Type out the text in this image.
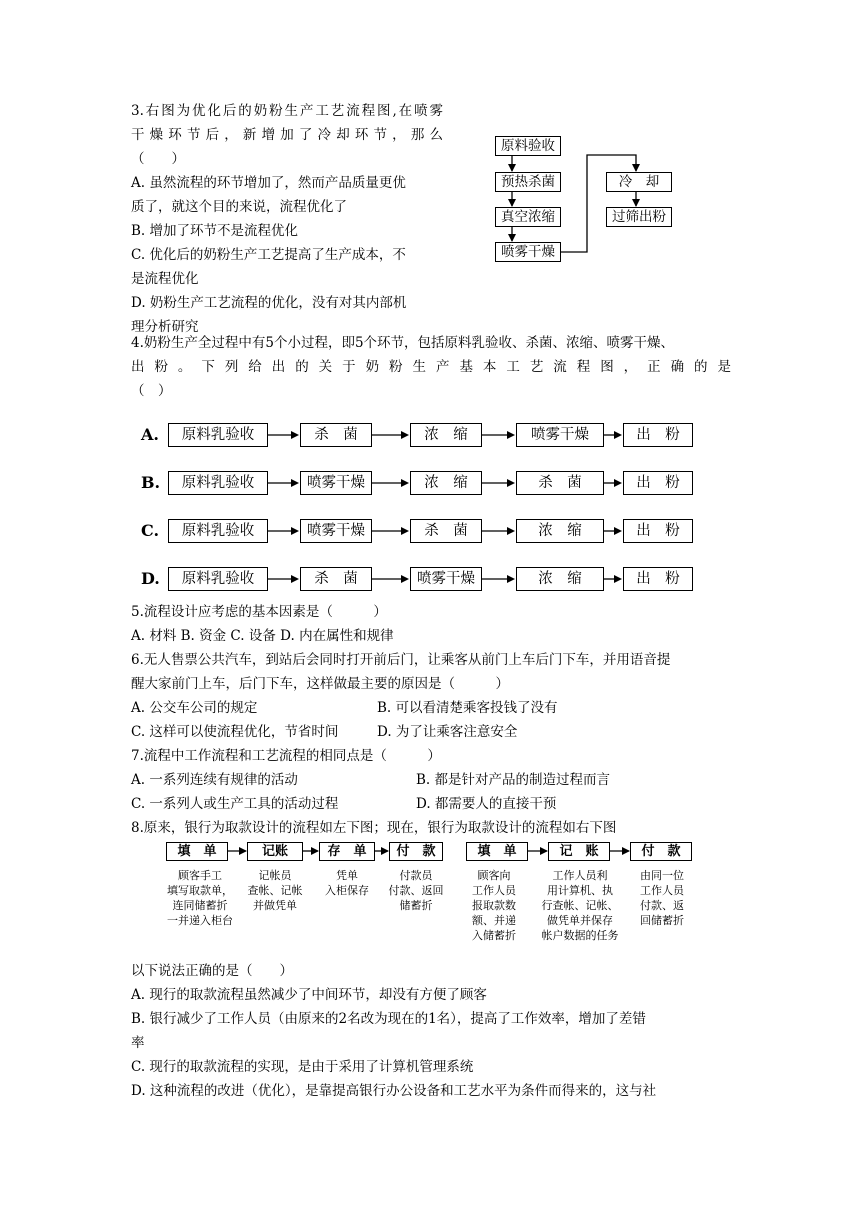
3.右图为优化后的奶粉生产工艺流程图,在喷雾
干燥环节后，新增加了冷却环节，那么
（　　）
A. 虽然流程的环节增加了，然而产品质量更优
质了，就这个目的来说，流程优化了
B. 增加了环节不是流程优化
C. 优化后的奶粉生产工艺提高了生产成本，不
是流程优化
D. 奶粉生产工艺流程的优化，没有对其内部机
理分析研究
原料验收
预热杀菌
真空浓缩
喷雾干燥
冷　却
过筛出粉
4.奶粉生产全过程中有5个小过程，即5个环节，包括原料乳验收、杀菌、浓缩、喷雾干燥、
出粉。下列给出的关于奶粉生产基本工艺流程图，正确的是
（　）
A.	原料乳验收	杀　菌	浓　缩	喷雾干燥	出　粉
B.	原料乳验收	喷雾干燥	浓　缩	杀　菌	出　粉
C.	原料乳验收	喷雾干燥	杀　菌	浓　缩	出　粉
D.	原料乳验收	杀　菌	喷雾干燥	浓　缩	出　粉
5.流程设计应考虑的基本因素是（　　　）
A. 材料 B. 资金 C. 设备 D. 内在属性和规律
6.无人售票公共汽车，到站后会同时打开前后门，让乘客从前门上车后门下车，并用语音提
醒大家前门上车，后门下车，这样做最主要的原因是（　　　）
A. 公交车公司的规定	B. 可以看清楚乘客投钱了没有
C. 这样可以使流程优化，节省时间	D. 为了让乘客注意安全
7.流程中工作流程和工艺流程的相同点是（　　　）
A. 一系列连续有规律的活动	B. 都是针对产品的制造过程而言
C. 一系列人或生产工具的活动过程	D. 都需要人的直接干预
8.原来，银行为取款设计的流程如左下图；现在，银行为取款设计的流程如右下图
填　单	记账	存　单	付　款
顾客手工
填写取款单，
连同储蓄折
一并递入柜台
记帐员
查帐、记帐
并做凭单
凭单
入柜保存
付款员
付款、返回
储蓄折
填　单	记　账	付　款
顾客向
工作人员
报取款数
额、并递
入储蓄折
工作人员利
用计算机、执
行查帐、记帐、
做凭单并保存
帐户数据的任务
由同一位
工作人员
付款、返
回储蓄折
以下说法正确的是（　　）
A. 现行的取款流程虽然减少了中间环节，却没有方便了顾客
B. 银行减少了工作人员（由原来的2名改为现在的1名），提高了工作效率，增加了差错
率
C. 现行的取款流程的实现，是由于采用了计算机管理系统
D. 这种流程的改进（优化），是靠提高银行办公设备和工艺水平为条件而得来的，这与社
